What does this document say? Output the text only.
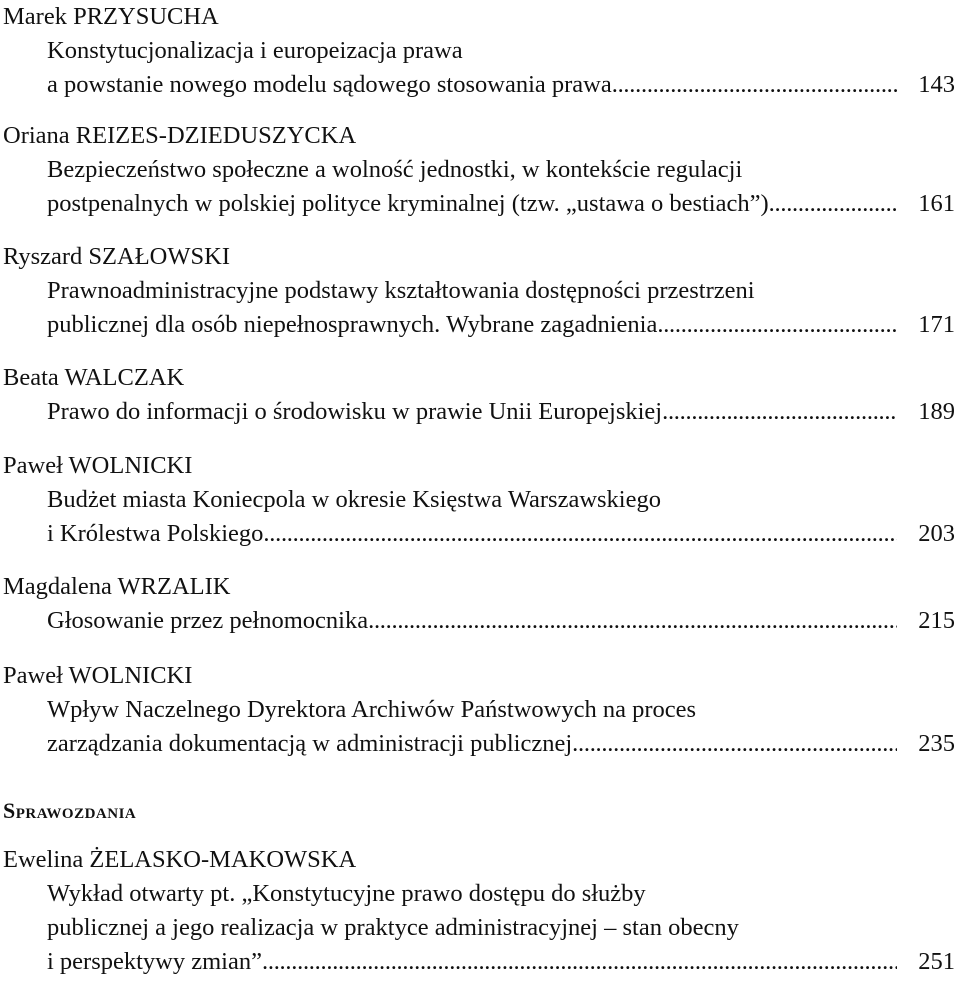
Marek PRZYSUCHA
Konstytucjonalizacja i europeizacja prawa
a powstanie nowego modelu sądowego stosowania prawa . . .	143
Oriana REIZES-DZIEDUSZYCKA
Bezpieczeństwo społeczne a wolność jednostki, w kontekście regulacji
postpenalnych w polskiej polityce kryminalnej (tzw. „ustawa o bestiach”) . . .	161
Ryszard SZAŁOWSKI
Prawnoadministracyjne podstawy kształtowania dostępności przestrzeni
publicznej dla osób niepełnosprawnych. Wybrane zagadnienia . . .	171
Beata WALCZAK
Prawo do informacji o środowisku w prawie Unii Europejskiej . . .	189
Paweł WOLNICKI
Budżet miasta Koniecpola w okresie Księstwa Warszawskiego
i Królestwa Polskiego . . .	203
Magdalena WRZALIK
Głosowanie przez pełnomocnika . . .	215
Paweł WOLNICKI
Wpływ Naczelnego Dyrektora Archiwów Państwowych na proces
zarządzania dokumentacją w administracji publicznej . . .	235
Sprawozdania
Ewelina ŻELASKO-MAKOWSKA
Wykład otwarty pt. „Konstytucyjne prawo dostępu do służby
publicznej a jego realizacja w praktyce administracyjnej – stan obecny
i perspektywy zmian” . . .	251
